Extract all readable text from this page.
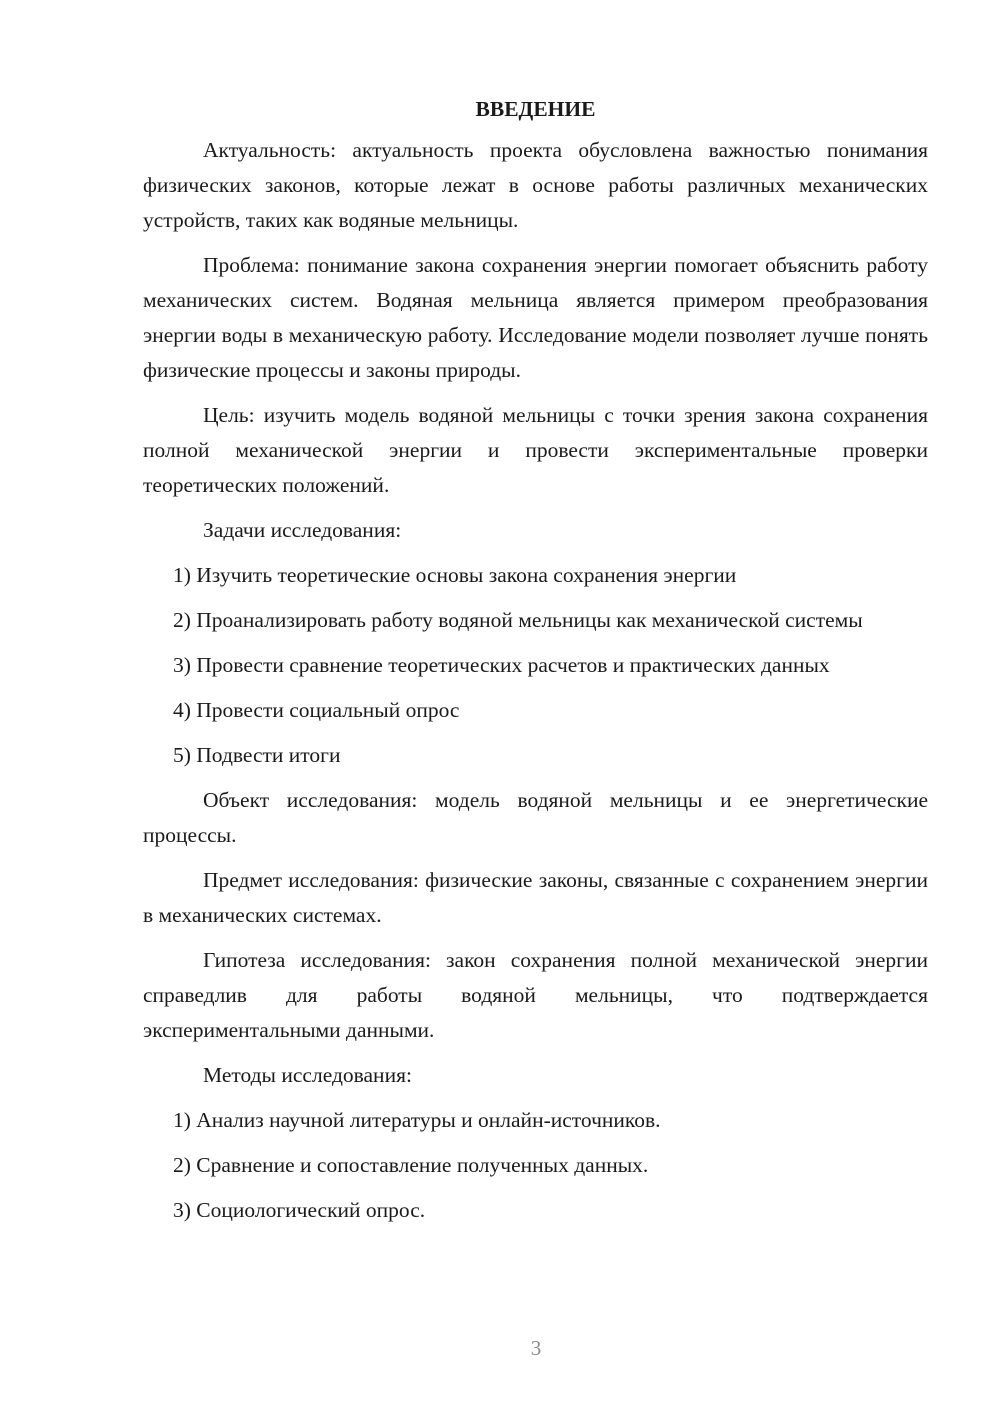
ВВЕДЕНИЕ

Актуальность: актуальность проекта обусловлена важностью понимания физических законов, которые лежат в основе работы различных механических устройств, таких как водяные мельницы.

Проблема: понимание закона сохранения энергии помогает объяснить работу механических систем. Водяная мельница является примером преобразования энергии воды в механическую работу. Исследование модели позволяет лучше понять физические процессы и законы природы.

Цель: изучить модель водяной мельницы с точки зрения закона сохранения полной механической энергии и провести экспериментальные проверки теоретических положений.

Задачи исследования:

1) Изучить теоретические основы закона сохранения энергии

2) Проанализировать работу водяной мельницы как механической системы

3) Провести сравнение теоретических расчетов и практических данных

4) Провести социальный опрос

5) Подвести итоги

Объект исследования: модель водяной мельницы и ее энергетические процессы.

Предмет исследования: физические законы, связанные с сохранением энергии в механических системах.

Гипотеза исследования: закон сохранения полной механической энергии справедлив для работы водяной мельницы, что подтверждается экспериментальными данными.

Методы исследования:

1) Анализ научной литературы и онлайн-источников.

2) Сравнение и сопоставление полученных данных.

3) Социологический опрос.

3
